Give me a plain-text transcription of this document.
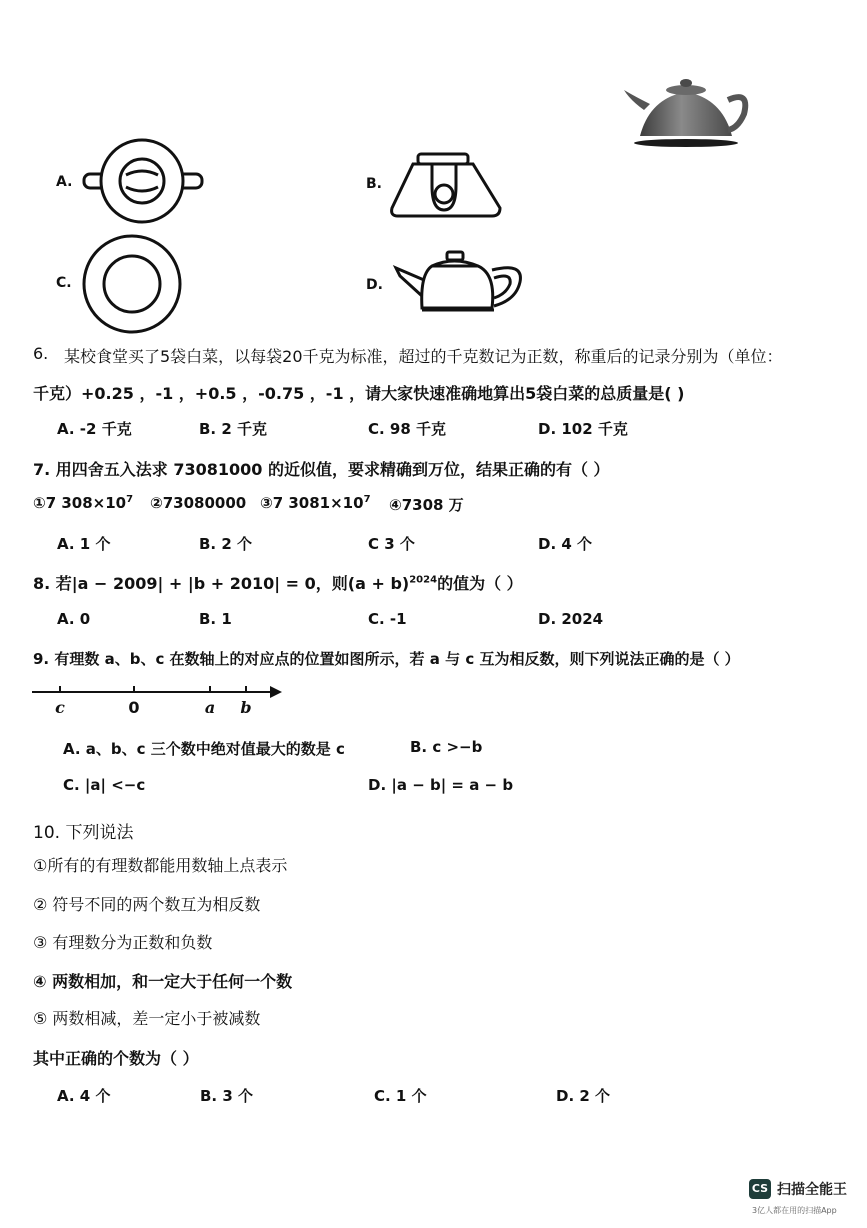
A.	B.
C.	D.
6. 某校食堂买了5袋白菜，以每袋20千克为标准，超过的千克数记为正数，称重后的记录分别为（单位：
千克）+0.25 ，-1 ，+0.5 ，-0.75 ，-1 ，请大家快速准确地算出5袋白菜的总质量是( )
A. -2 千克	B. 2 千克	C. 98 千克	D. 102 千克
7. 用四舍五入法求 73081000 的近似值，要求精确到万位，结果正确的有（ ）
①7 $308\times 10^7$ ②73080000 ③7 $3081\times 10^7$ ④7308 万
A. 1 个	B. 2 个	C 3 个	D. 4 个
8. 若|a − 2009| + |b + 2010| = 0，则$(a + b)^{2024}$的值为（ ）
A. 0	B. 1	C. -1	D. 2024
9. 有理数 a、b、c 在数轴上的对应点的位置如图所示，若 a 与 c 互为相反数，则下列说法正确的是（ ）
c	0	a b
A. a、b、c 三个数中绝对值最大的数是 c	B. c >−b
C. |a| <−c	D. |a − b| = a − b
10. 下列说法
①所有的有理数都能用数轴上点表示
② 符号不同的两个数互为相反数
③ 有理数分为正数和负数
④ 两数相加，和一定大于任何一个数
⑤ 两数相减，差一定小于被减数
其中正确的个数为（ ）
A. 4 个	B. 3 个	C. 1 个	D. 2 个
CS 扫描全能王
3亿人都在用的扫描App
